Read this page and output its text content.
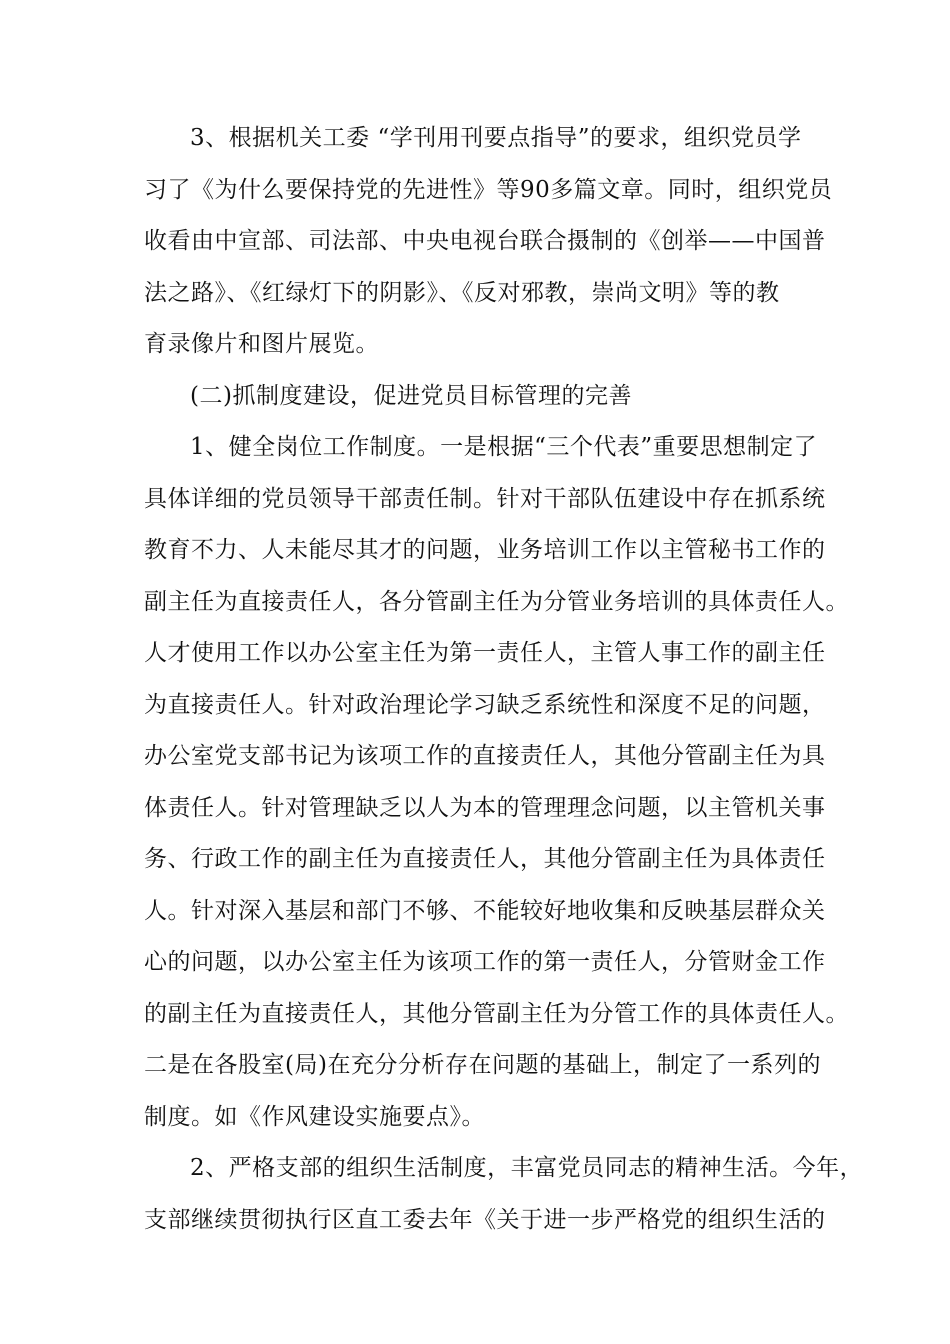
3、根据机关工委 “学刊用刊要点指导”的要求，组织党员学
习了《为什么要保持党的先进性》等90多篇文章。同时，组织党员
收看由中宣部、司法部、中央电视台联合摄制的《创举——中国普
法之路》、《红绿灯下的阴影》、《反对邪教，崇尚文明》等的教
育录像片和图片展览。
(二)抓制度建设，促进党员目标管理的完善
1、健全岗位工作制度。一是根据“三个代表”重要思想制定了
具体详细的党员领导干部责任制。针对干部队伍建设中存在抓系统
教育不力、人未能尽其才的问题，业务培训工作以主管秘书工作的
副主任为直接责任人，各分管副主任为分管业务培训的具体责任人。
人才使用工作以办公室主任为第一责任人，主管人事工作的副主任
为直接责任人。针对政治理论学习缺乏系统性和深度不足的问题，
办公室党支部书记为该项工作的直接责任人，其他分管副主任为具
体责任人。针对管理缺乏以人为本的管理理念问题，以主管机关事
务、行政工作的副主任为直接责任人，其他分管副主任为具体责任
人。针对深入基层和部门不够、不能较好地收集和反映基层群众关
心的问题，以办公室主任为该项工作的第一责任人，分管财金工作
的副主任为直接责任人，其他分管副主任为分管工作的具体责任人。
二是在各股室(局)在充分分析存在问题的基础上，制定了一系列的
制度。如《作风建设实施要点》。
2、严格支部的组织生活制度，丰富党员同志的精神生活。今年，
支部继续贯彻执行区直工委去年《关于进一步严格党的组织生活的
